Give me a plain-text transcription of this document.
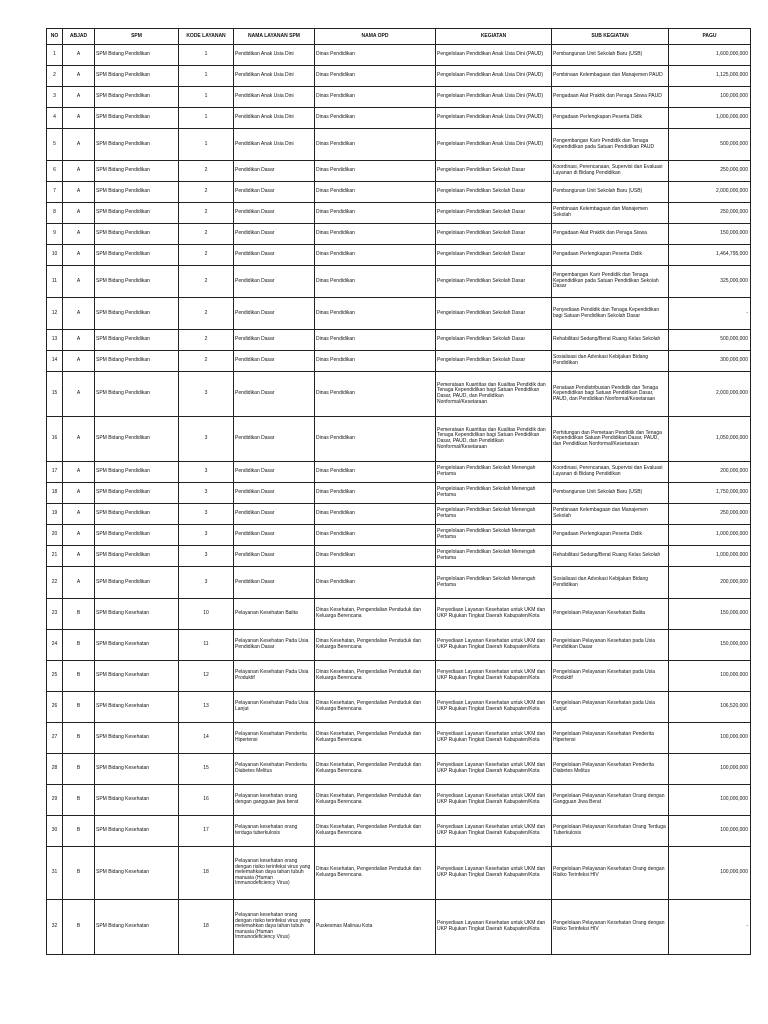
NO	ABJAD	SPM	KODE LAYANAN	NAMA LAYANAN SPM	NAMA OPD	KEGIATAN	SUB KEGIATAN	PAGU
1	A	SPM Bidang Pendidikan	1	Pendidikan Anak Usia Dini	Dinas Pendidikan	Pengelolaan Pendidikan Anak Usia Dini (PAUD)	Pembangunan Unit Sekolah Baru (USB)	1,600,000,000
2	A	SPM Bidang Pendidikan	1	Pendidikan Anak Usia Dini	Dinas Pendidikan	Pengelolaan Pendidikan Anak Usia Dini (PAUD)	Pembinaan Kelembagaan dan Manajemen PAUD	1,125,000,000
3	A	SPM Bidang Pendidikan	1	Pendidikan Anak Usia Dini	Dinas Pendidikan	Pengelolaan Pendidikan Anak Usia Dini (PAUD)	Pengadaan Alat Praktik dan Peraga Siswa PAUD	100,000,000
4	A	SPM Bidang Pendidikan	1	Pendidikan Anak Usia Dini	Dinas Pendidikan	Pengelolaan Pendidikan Anak Usia Dini (PAUD)	Pengadaan Perlengkapan Peserta Didik	1,000,000,000
5	A	SPM Bidang Pendidikan	1	Pendidikan Anak Usia Dini	Dinas Pendidikan	Pengelolaan Pendidikan Anak Usia Dini (PAUD)	Pengembangan Karir Pendidik dan Tenaga Kependidikan pada Satuan Pendidikan PAUD	500,000,000
6	A	SPM Bidang Pendidikan	2	Pendidikan Dasar	Dinas Pendidikan	Pengelolaan Pendidikan Sekolah Dasar	Koordinasi, Perencanaan, Supervisi dan Evaluasi Layanan di Bidang Pendidikan	250,000,000
7	A	SPM Bidang Pendidikan	2	Pendidikan Dasar	Dinas Pendidikan	Pengelolaan Pendidikan Sekolah Dasar	Pembangunan Unit Sekolah Baru (USB)	2,000,000,000
8	A	SPM Bidang Pendidikan	2	Pendidikan Dasar	Dinas Pendidikan	Pengelolaan Pendidikan Sekolah Dasar	Pembinaan Kelembagaan dan Manajemen Sekolah	250,000,000
9	A	SPM Bidang Pendidikan	2	Pendidikan Dasar	Dinas Pendidikan	Pengelolaan Pendidikan Sekolah Dasar	Pengadaan Alat Praktik dan Peraga Siswa	150,000,000
10	A	SPM Bidang Pendidikan	2	Pendidikan Dasar	Dinas Pendidikan	Pengelolaan Pendidikan Sekolah Dasar	Pengadaan Perlengkapan Peserta Didik	1,464,795,000
11	A	SPM Bidang Pendidikan	2	Pendidikan Dasar	Dinas Pendidikan	Pengelolaan Pendidikan Sekolah Dasar	Pengembangan Karir Pendidik dan Tenaga Kependidikan pada Satuan Pendidikan Sekolah Dasar	325,000,000
12	A	SPM Bidang Pendidikan	2	Pendidikan Dasar	Dinas Pendidikan	Pengelolaan Pendidikan Sekolah Dasar	Penyediaan Pendidik dan Tenaga Kependidikan bagi Satuan Pendidikan Sekolah Dasar	-
13	A	SPM Bidang Pendidikan	2	Pendidikan Dasar	Dinas Pendidikan	Pengelolaan Pendidikan Sekolah Dasar	Rehabilitasi Sedang/Berat Ruang Kelas Sekolah	500,000,000
14	A	SPM Bidang Pendidikan	2	Pendidikan Dasar	Dinas Pendidikan	Pengelolaan Pendidikan Sekolah Dasar	Sosialisasi dan Advokasi Kebijakan Bidang Pendidikan	300,000,000
15	A	SPM Bidang Pendidikan	3	Pendidikan Dasar	Dinas Pendidikan	Pemerataan Kuantitas dan Kualitas Pendidik dan Tenaga Kependidikan bagi Satuan Pendidikan Dasar, PAUD, dan Pendidikan Nonformal/Kesetaraan	Penataan Pendistribusian Pendidik dan Tenaga Kependidikan bagi Satuan Pendidikan Dasar, PAUD, dan Pendidikan Nonformal/Kesetaraan	2,000,000,000
16	A	SPM Bidang Pendidikan	3	Pendidikan Dasar	Dinas Pendidikan	Pemerataan Kuantitas dan Kualitas Pendidik dan Tenaga Kependidikan bagi Satuan Pendidikan Dasar, PAUD, dan Pendidikan Nonformal/Kesetaraan	Perhitungan dan Pemetaan Pendidik dan Tenaga Kependidikan Satuan Pendidikan Dasar, PAUD, dan Pendidikan Nonformal/Kesetaraan	1,050,000,000
17	A	SPM Bidang Pendidikan	3	Pendidikan Dasar	Dinas Pendidikan	Pengelolaan Pendidikan Sekolah Menengah Pertama	Koordinasi, Perencanaan, Supervisi dan Evaluasi Layanan di Bidang Pendidikan	200,000,000
18	A	SPM Bidang Pendidikan	3	Pendidikan Dasar	Dinas Pendidikan	Pengelolaan Pendidikan Sekolah Menengah Pertama	Pembangunan Unit Sekolah Baru (USB)	1,750,000,000
19	A	SPM Bidang Pendidikan	3	Pendidikan Dasar	Dinas Pendidikan	Pengelolaan Pendidikan Sekolah Menengah Pertama	Pembinaan Kelembagaan dan Manajemen Sekolah	250,000,000
20	A	SPM Bidang Pendidikan	3	Pendidikan Dasar	Dinas Pendidikan	Pengelolaan Pendidikan Sekolah Menengah Pertama	Pengadaan Perlengkapan Peserta Didik	1,000,000,000
21	A	SPM Bidang Pendidikan	3	Pendidikan Dasar	Dinas Pendidikan	Pengelolaan Pendidikan Sekolah Menengah Pertama	Rehabilitasi Sedang/Berat Ruang Kelas Sekolah	1,000,000,000
22	A	SPM Bidang Pendidikan	3	Pendidikan Dasar	Dinas Pendidikan	Pengelolaan Pendidikan Sekolah Menengah Pertama	Sosialisasi dan Advokasi Kebijakan Bidang Pendidikan	200,000,000
23	B	SPM Bidang Kesehatan	10	Pelayanan Kesehatan Balita	Dinas Kesehatan, Pengendalian Penduduk dan Keluarga Berencana	Penyediaan Layanan Kesehatan untuk UKM dan UKP Rujukan Tingkat Daerah Kabupaten/Kota	Pengelolaan Pelayanan Kesehatan Balita	150,000,000
24	B	SPM Bidang Kesehatan	11	Pelayanan Kesehatan Pada Usia Pendidikan Dasar	Dinas Kesehatan, Pengendalian Penduduk dan Keluarga Berencana	Penyediaan Layanan Kesehatan untuk UKM dan UKP Rujukan Tingkat Daerah Kabupaten/Kota	Pengelolaan Pelayanan Kesehatan pada Usia Pendidikan Dasar	150,000,000
25	B	SPM Bidang Kesehatan	12	Pelayanan Kesehatan Pada Usia Produktif	Dinas Kesehatan, Pengendalian Penduduk dan Keluarga Berencana	Penyediaan Layanan Kesehatan untuk UKM dan UKP Rujukan Tingkat Daerah Kabupaten/Kota	Pengelolaan Pelayanan Kesehatan pada Usia Produktif	100,000,000
26	B	SPM Bidang Kesehatan	13	Pelayanan Kesehatan Pada Usia Lanjut	Dinas Kesehatan, Pengendalian Penduduk dan Keluarga Berencana	Penyediaan Layanan Kesehatan untuk UKM dan UKP Rujukan Tingkat Daerah Kabupaten/Kota	Pengelolaan Pelayanan Kesehatan pada Usia Lanjut	106,520,000
27	B	SPM Bidang Kesehatan	14	Pelayanan Kesehatan Penderita Hipertensi	Dinas Kesehatan, Pengendalian Penduduk dan Keluarga Berencana	Penyediaan Layanan Kesehatan untuk UKM dan UKP Rujukan Tingkat Daerah Kabupaten/Kota	Pengelolaan Pelayanan Kesehatan Penderita Hipertensi	100,000,000
28	B	SPM Bidang Kesehatan	15	Pelayanan Kesehatan Penderita Diabetes Melitus	Dinas Kesehatan, Pengendalian Penduduk dan Keluarga Berencana	Penyediaan Layanan Kesehatan untuk UKM dan UKP Rujukan Tingkat Daerah Kabupaten/Kota	Pengelolaan Pelayanan Kesehatan Penderita Diabetes Melitus	100,000,000
29	B	SPM Bidang Kesehatan	16	Pelayanan kesehatan orang dengan gangguan jiwa berat	Dinas Kesehatan, Pengendalian Penduduk dan Keluarga Berencana	Penyediaan Layanan Kesehatan untuk UKM dan UKP Rujukan Tingkat Daerah Kabupaten/Kota	Pengelolaan Pelayanan Kesehatan Orang dengan Gangguan Jiwa Berat	100,000,000
30	B	SPM Bidang Kesehatan	17	Pelayanan kesehatan orang terduga tuberkulosis	Dinas Kesehatan, Pengendalian Penduduk dan Keluarga Berencana	Penyediaan Layanan Kesehatan untuk UKM dan UKP Rujukan Tingkat Daerah Kabupaten/Kota	Pengelolaan Pelayanan Kesehatan Orang Terduga Tuberkulosis	100,000,000
31	B	SPM Bidang Kesehatan	18	Pelayanan kesehatan orang dengan risiko terinfeksi virus yang melemahkan daya tahan tubuh manusia (Human Immunodeficiency Virus)	Dinas Kesehatan, Pengendalian Penduduk dan Keluarga Berencana	Penyediaan Layanan Kesehatan untuk UKM dan UKP Rujukan Tingkat Daerah Kabupaten/Kota	Pengelolaan Pelayanan Kesehatan Orang dengan Risiko Terinfeksi HIV	100,000,000
32	B	SPM Bidang Kesehatan	18	Pelayanan kesehatan orang dengan risiko terinfeksi virus yang melemahkan daya tahan tubuh manusia (Human Immunodeficiency Virus)	Puskesmas Malinau Kota	Penyediaan Layanan Kesehatan untuk UKM dan UKP Rujukan Tingkat Daerah Kabupaten/Kota	Pengelolaan Pelayanan Kesehatan Orang dengan Risiko Terinfeksi HIV	-
